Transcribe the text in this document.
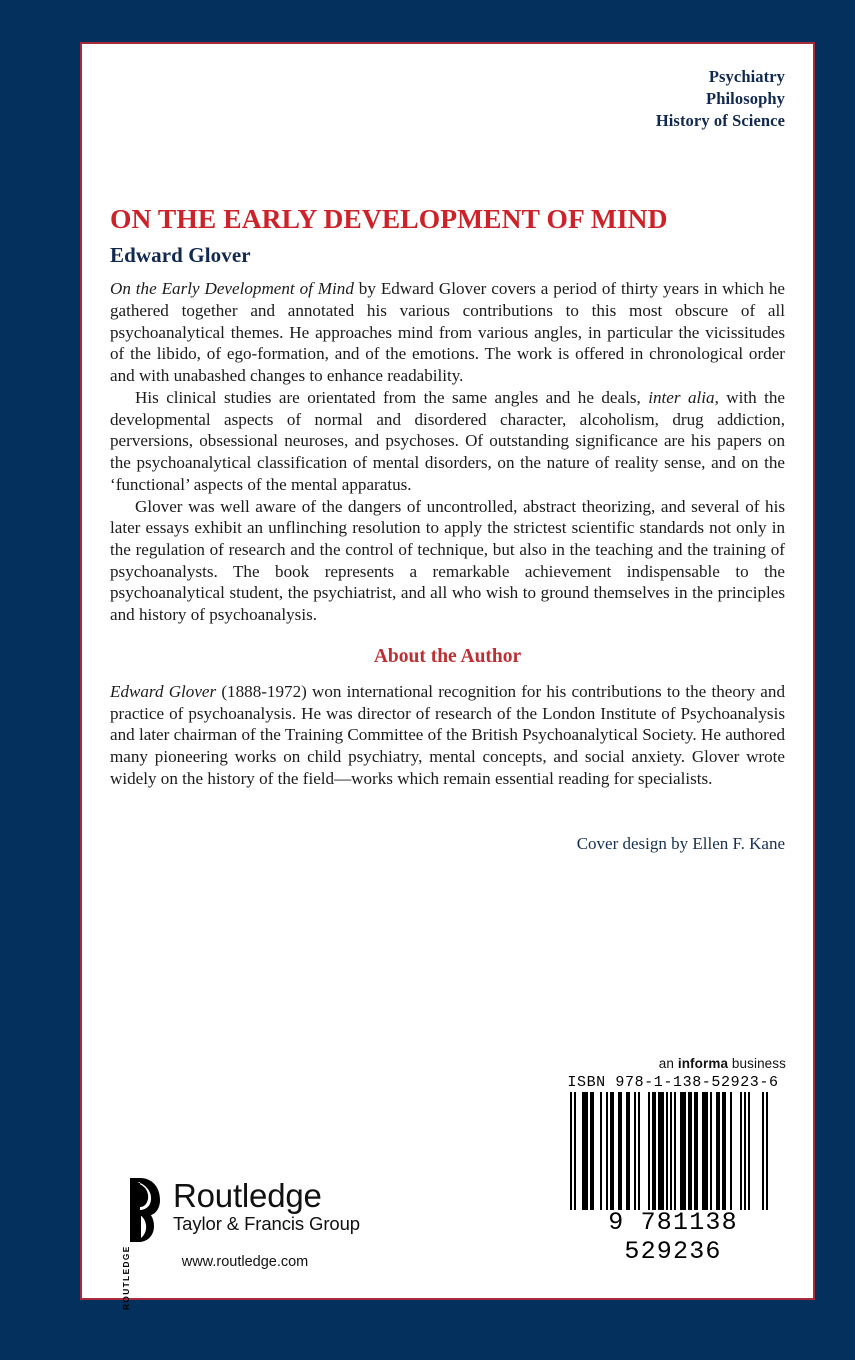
Psychiatry
Philosophy
History of Science
ON THE EARLY DEVELOPMENT OF MIND
Edward Glover

On the Early Development of Mind by Edward Glover covers a period of thirty years in which he gathered together and annotated his various contributions to this most obscure of all psychoanalytical themes. He approaches mind from various angles, in particular the vicissitudes of the libido, of ego-formation, and of the emotions. The work is offered in chronological order and with unabashed changes to enhance readability.

His clinical studies are orientated from the same angles and he deals, inter alia, with the developmental aspects of normal and disordered character, alcoholism, drug addiction, perversions, obsessional neuroses, and psychoses. Of outstanding significance are his papers on the psychoanalytical classification of mental disorders, on the nature of reality sense, and on the ‘functional’ aspects of the mental apparatus.

Glover was well aware of the dangers of uncontrolled, abstract theorizing, and several of his later essays exhibit an unflinching resolution to apply the strictest scientific standards not only in the regulation of research and the control of technique, but also in the teaching and the training of psychoanalysts. The book represents a remarkable achievement indispensable to the psychoanalytical student, the psychiatrist, and all who wish to ground themselves in the principles and history of psychoanalysis.

About the Author

Edward Glover (1888-1972) won international recognition for his contributions to the theory and practice of psychoanalysis. He was director of research of the London Institute of Psychoanalysis and later chairman of the Training Committee of the British Psychoanalytical Society. He authored many pioneering works on child psychiatry, mental concepts, and social anxiety. Glover wrote widely on the history of the field—works which remain essential reading for specialists.

Cover design by Ellen F. Kane
an informa business
ISBN 978-1-138-52923-6
9 781138 529236
Routledge
Taylor & Francis Group
www.routledge.com
ROUTLEDGE
